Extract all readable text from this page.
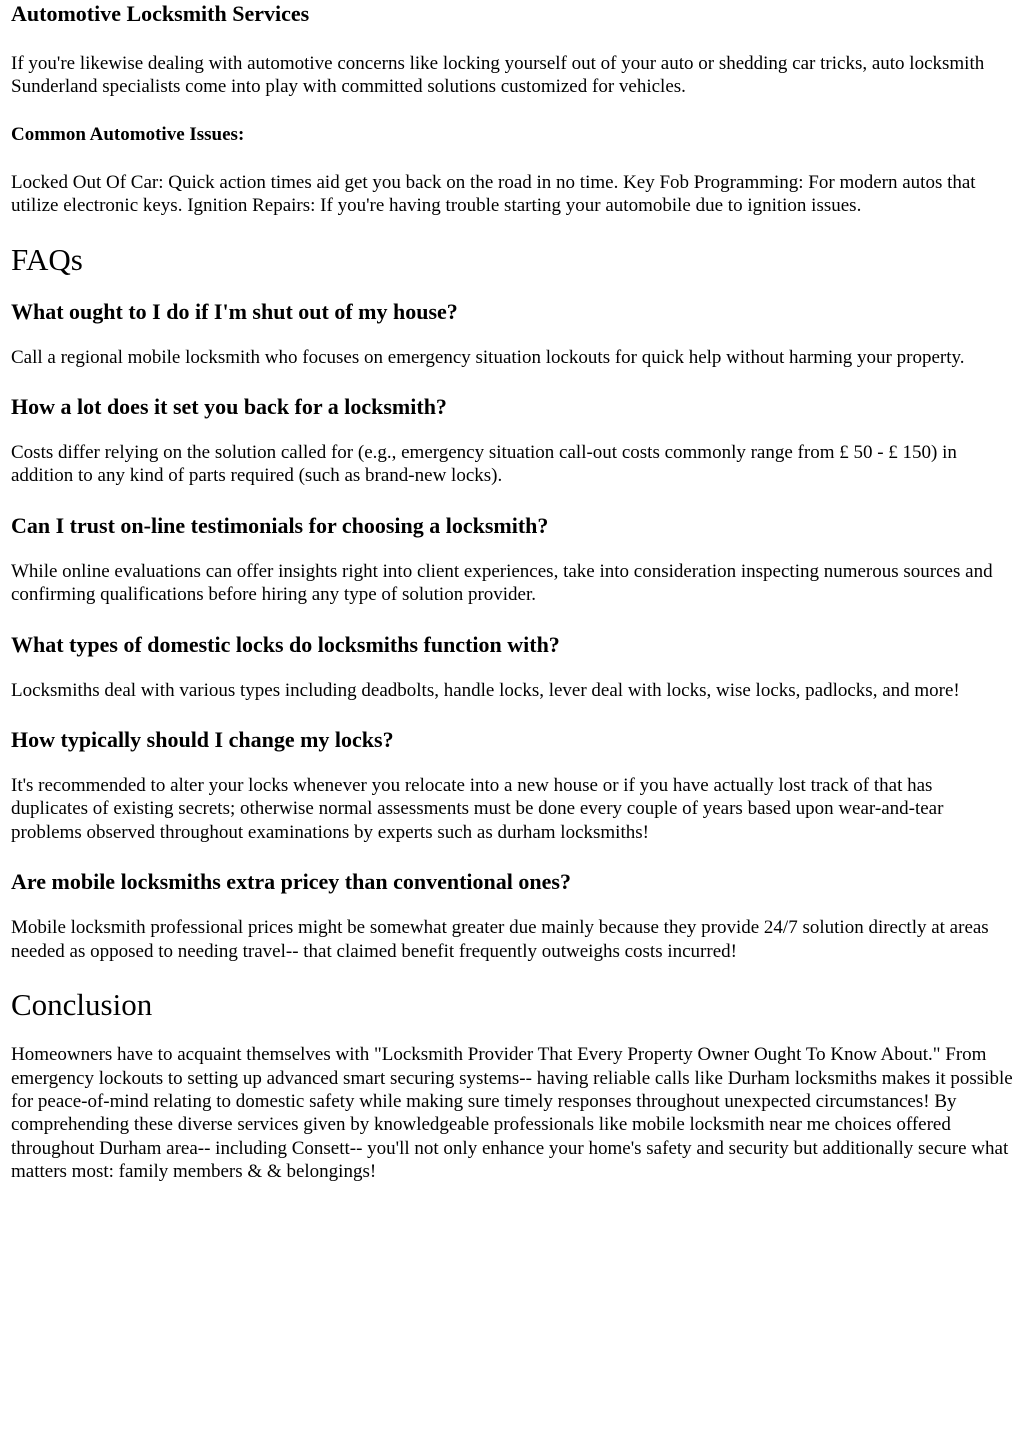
Automotive Locksmith Services

If you're likewise dealing with automotive concerns like locking yourself out of your auto or shedding car tricks, auto locksmith Sunderland specialists come into play with committed solutions customized for vehicles.

Common Automotive Issues:

Locked Out Of Car: Quick action times aid get you back on the road in no time. Key Fob Programming: For modern autos that utilize electronic keys. Ignition Repairs: If you're having trouble starting your automobile due to ignition issues.

FAQs
What ought to I do if I'm shut out of my house?

Call a regional mobile locksmith who focuses on emergency situation lockouts for quick help without harming your property.

How a lot does it set you back for a locksmith?

Costs differ relying on the solution called for (e.g., emergency situation call-out costs commonly range from £ 50 - £ 150) in addition to any kind of parts required (such as brand-new locks).

Can I trust on-line testimonials for choosing a locksmith?

While online evaluations can offer insights right into client experiences, take into consideration inspecting numerous sources and confirming qualifications before hiring any type of solution provider.

What types of domestic locks do locksmiths function with?

Locksmiths deal with various types including deadbolts, handle locks, lever deal with locks, wise locks, padlocks, and more!

How typically should I change my locks?

It's recommended to alter your locks whenever you relocate into a new house or if you have actually lost track of that has duplicates of existing secrets; otherwise normal assessments must be done every couple of years based upon wear-and-tear problems observed throughout examinations by experts such as durham locksmiths!

Are mobile locksmiths extra pricey than conventional ones?

Mobile locksmith professional prices might be somewhat greater due mainly because they provide 24/7 solution directly at areas needed as opposed to needing travel-- that claimed benefit frequently outweighs costs incurred!

Conclusion

Homeowners have to acquaint themselves with "Locksmith Provider That Every Property Owner Ought To Know About." From emergency lockouts to setting up advanced smart securing systems-- having reliable calls like Durham locksmiths makes it possible for peace-of-mind relating to domestic safety while making sure timely responses throughout unexpected circumstances! By comprehending these diverse services given by knowledgeable professionals like mobile locksmith near me choices offered throughout Durham area-- including Consett-- you'll not only enhance your home's safety and security but additionally secure what matters most: family members & & belongings!
